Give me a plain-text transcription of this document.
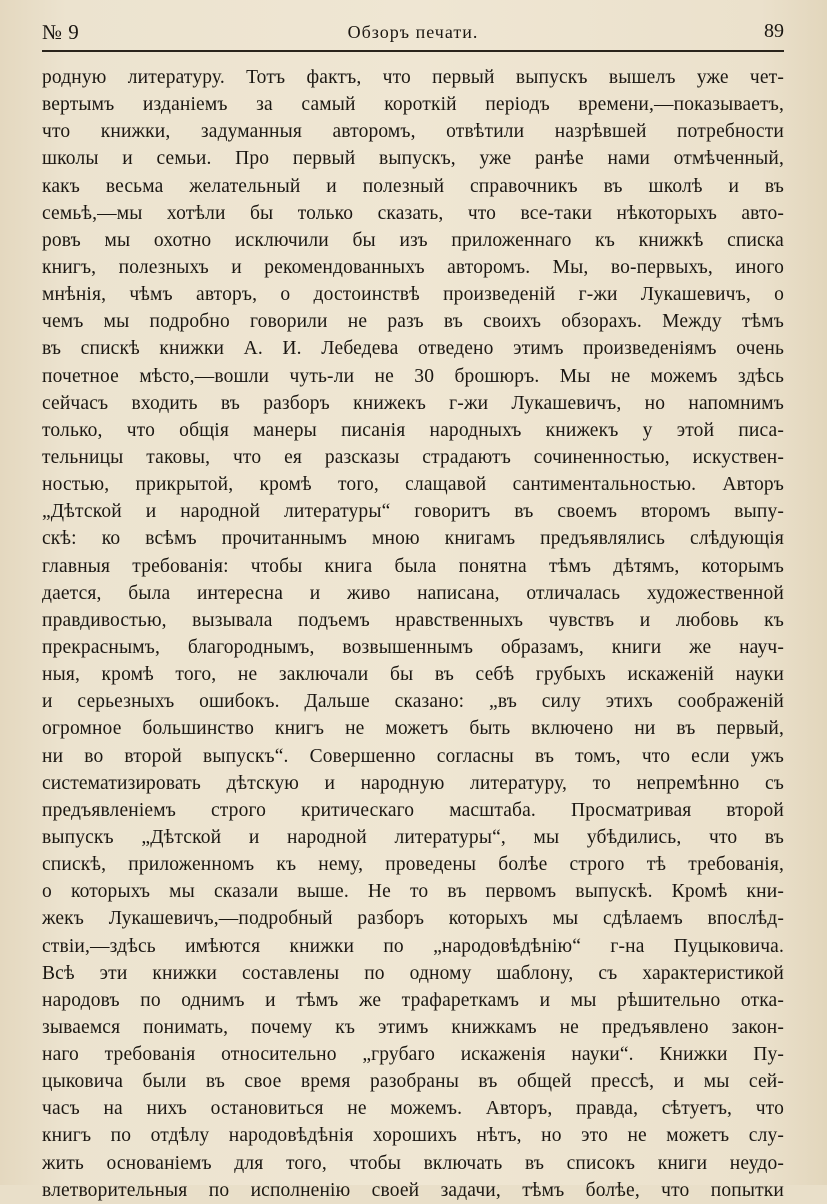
№ 9	Обзоръ печати.	89
родную литературу. Тотъ фактъ, что первый выпускъ вышелъ уже чет-
вертымъ изданіемъ за самый короткій періодъ времени,—показываетъ,
что книжки, задуманныя авторомъ, отвѣтили назрѣвшей потребности
школы и семьи. Про первый выпускъ, уже ранѣе нами отмѣченный,
какъ весьма желательный и полезный справочникъ въ школѣ и въ
семьѣ,—мы хотѣли бы только сказать, что все-таки нѣкоторыхъ авто-
ровъ мы охотно исключили бы изъ приложеннаго къ книжкѣ списка
книгъ, полезныхъ и рекомендованныхъ авторомъ. Мы, во-первыхъ, иного
мнѣнія, чѣмъ авторъ, о достоинствѣ произведеній г-жи Лукашевичъ, о
чемъ мы подробно говорили не разъ въ своихъ обзорахъ. Между тѣмъ
въ спискѣ книжки А. И. Лебедева отведено этимъ произведеніямъ очень
почетное мѣсто,—вошли чуть-ли не 30 брошюръ. Мы не можемъ здѣсь
сейчасъ входить въ разборъ книжекъ г-жи Лукашевичъ, но напомнимъ
только, что общія манеры писанія народныхъ книжекъ у этой писа-
тельницы таковы, что ея разсказы страдаютъ сочиненностью, искуствен-
ностью, прикрытой, кромѣ того, слащавой сантиментальностью. Авторъ
„Дѣтской и народной литературы“ говоритъ въ своемъ второмъ выпу-
скѣ: ко всѣмъ прочитаннымъ мною книгамъ предъявлялись слѣдующія
главныя требованія: чтобы книга была понятна тѣмъ дѣтямъ, которымъ
дается, была интересна и живо написана, отличалась художественной
правдивостью, вызывала подъемъ нравственныхъ чувствъ и любовь къ
прекраснымъ, благороднымъ, возвышеннымъ образамъ, книги же науч-
ныя, кромѣ того, не заключали бы въ себѣ грубыхъ искаженій науки
и серьезныхъ ошибокъ. Дальше сказано: „въ силу этихъ соображеній
огромное большинство книгъ не можетъ быть включено ни въ первый,
ни во второй выпускъ“. Совершенно согласны въ томъ, что если ужъ
систематизировать дѣтскую и народную литературу, то непремѣнно съ
предъявленіемъ строго критическаго масштаба. Просматривая второй
выпускъ „Дѣтской и народной литературы“, мы убѣдились, что въ
спискѣ, приложенномъ къ нему, проведены болѣе строго тѣ требованія,
о которыхъ мы сказали выше. Не то въ первомъ выпускѣ. Кромѣ кни-
жекъ Лукашевичъ,—подробный разборъ которыхъ мы сдѣлаемъ впослѣд-
ствіи,—здѣсь имѣются книжки по „народовѣдѣнію“ г-на Пуцыковича.
Всѣ эти книжки составлены по одному шаблону, съ характеристикой
народовъ по однимъ и тѣмъ же трафареткамъ и мы рѣшительно отка-
зываемся понимать, почему къ этимъ книжкамъ не предъявлено закон-
наго требованія относительно „грубаго искаженія науки“. Книжки Пу-
цыковича были въ свое время разобраны въ общей прессѣ, и мы сей-
часъ на нихъ остановиться не можемъ. Авторъ, правда, сѣтуетъ, что
книгъ по отдѣлу народовѣдѣнія хорошихъ нѣтъ, но это не можетъ слу-
жить основаніемъ для того, чтобы включать въ списокъ книги неудо-
влетворительныя по исполненію своей задачи, тѣмъ болѣе, что попытки
